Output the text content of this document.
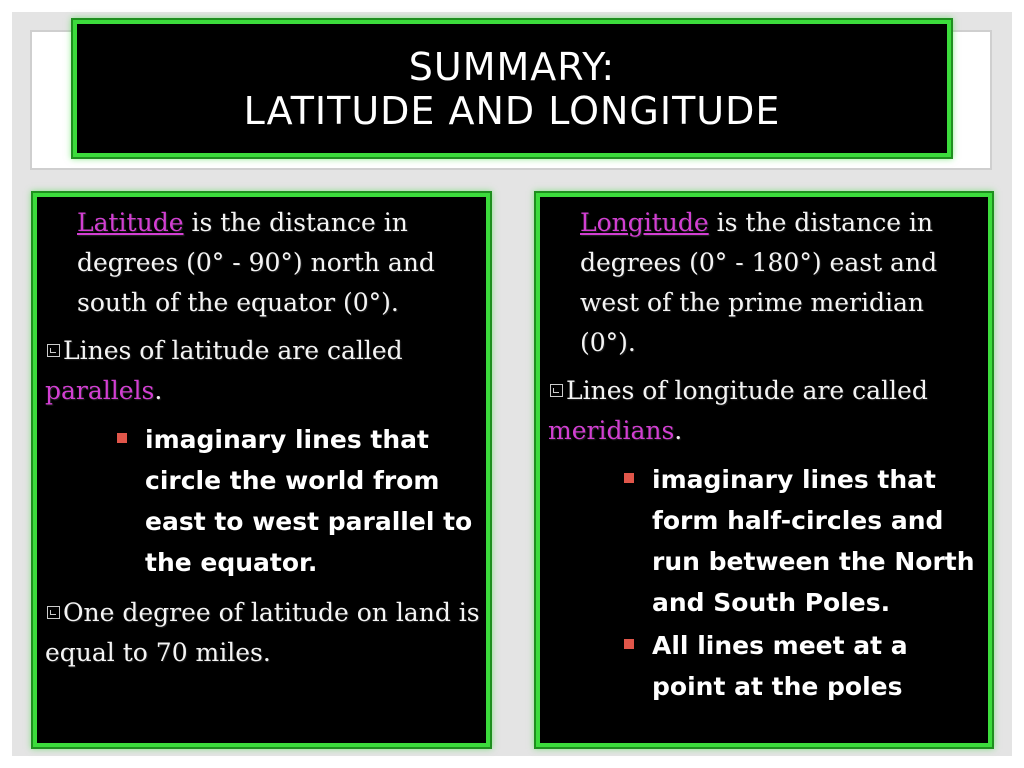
SUMMARY:
LATITUDE AND LONGITUDE

Latitude is the distance in degrees (0° - 90°) north and south of the equator (0°).

Lines of latitude are called parallels.

imaginary lines that circle the world from east to west parallel to the equator.

One degree of latitude on land is equal to 70 miles.

Longitude is the distance in degrees (0° - 180°) east and west of the prime meridian (0°).

Lines of longitude are called meridians.

imaginary lines that form half-circles and run between the North and South Poles.
All lines meet at a point at the poles
